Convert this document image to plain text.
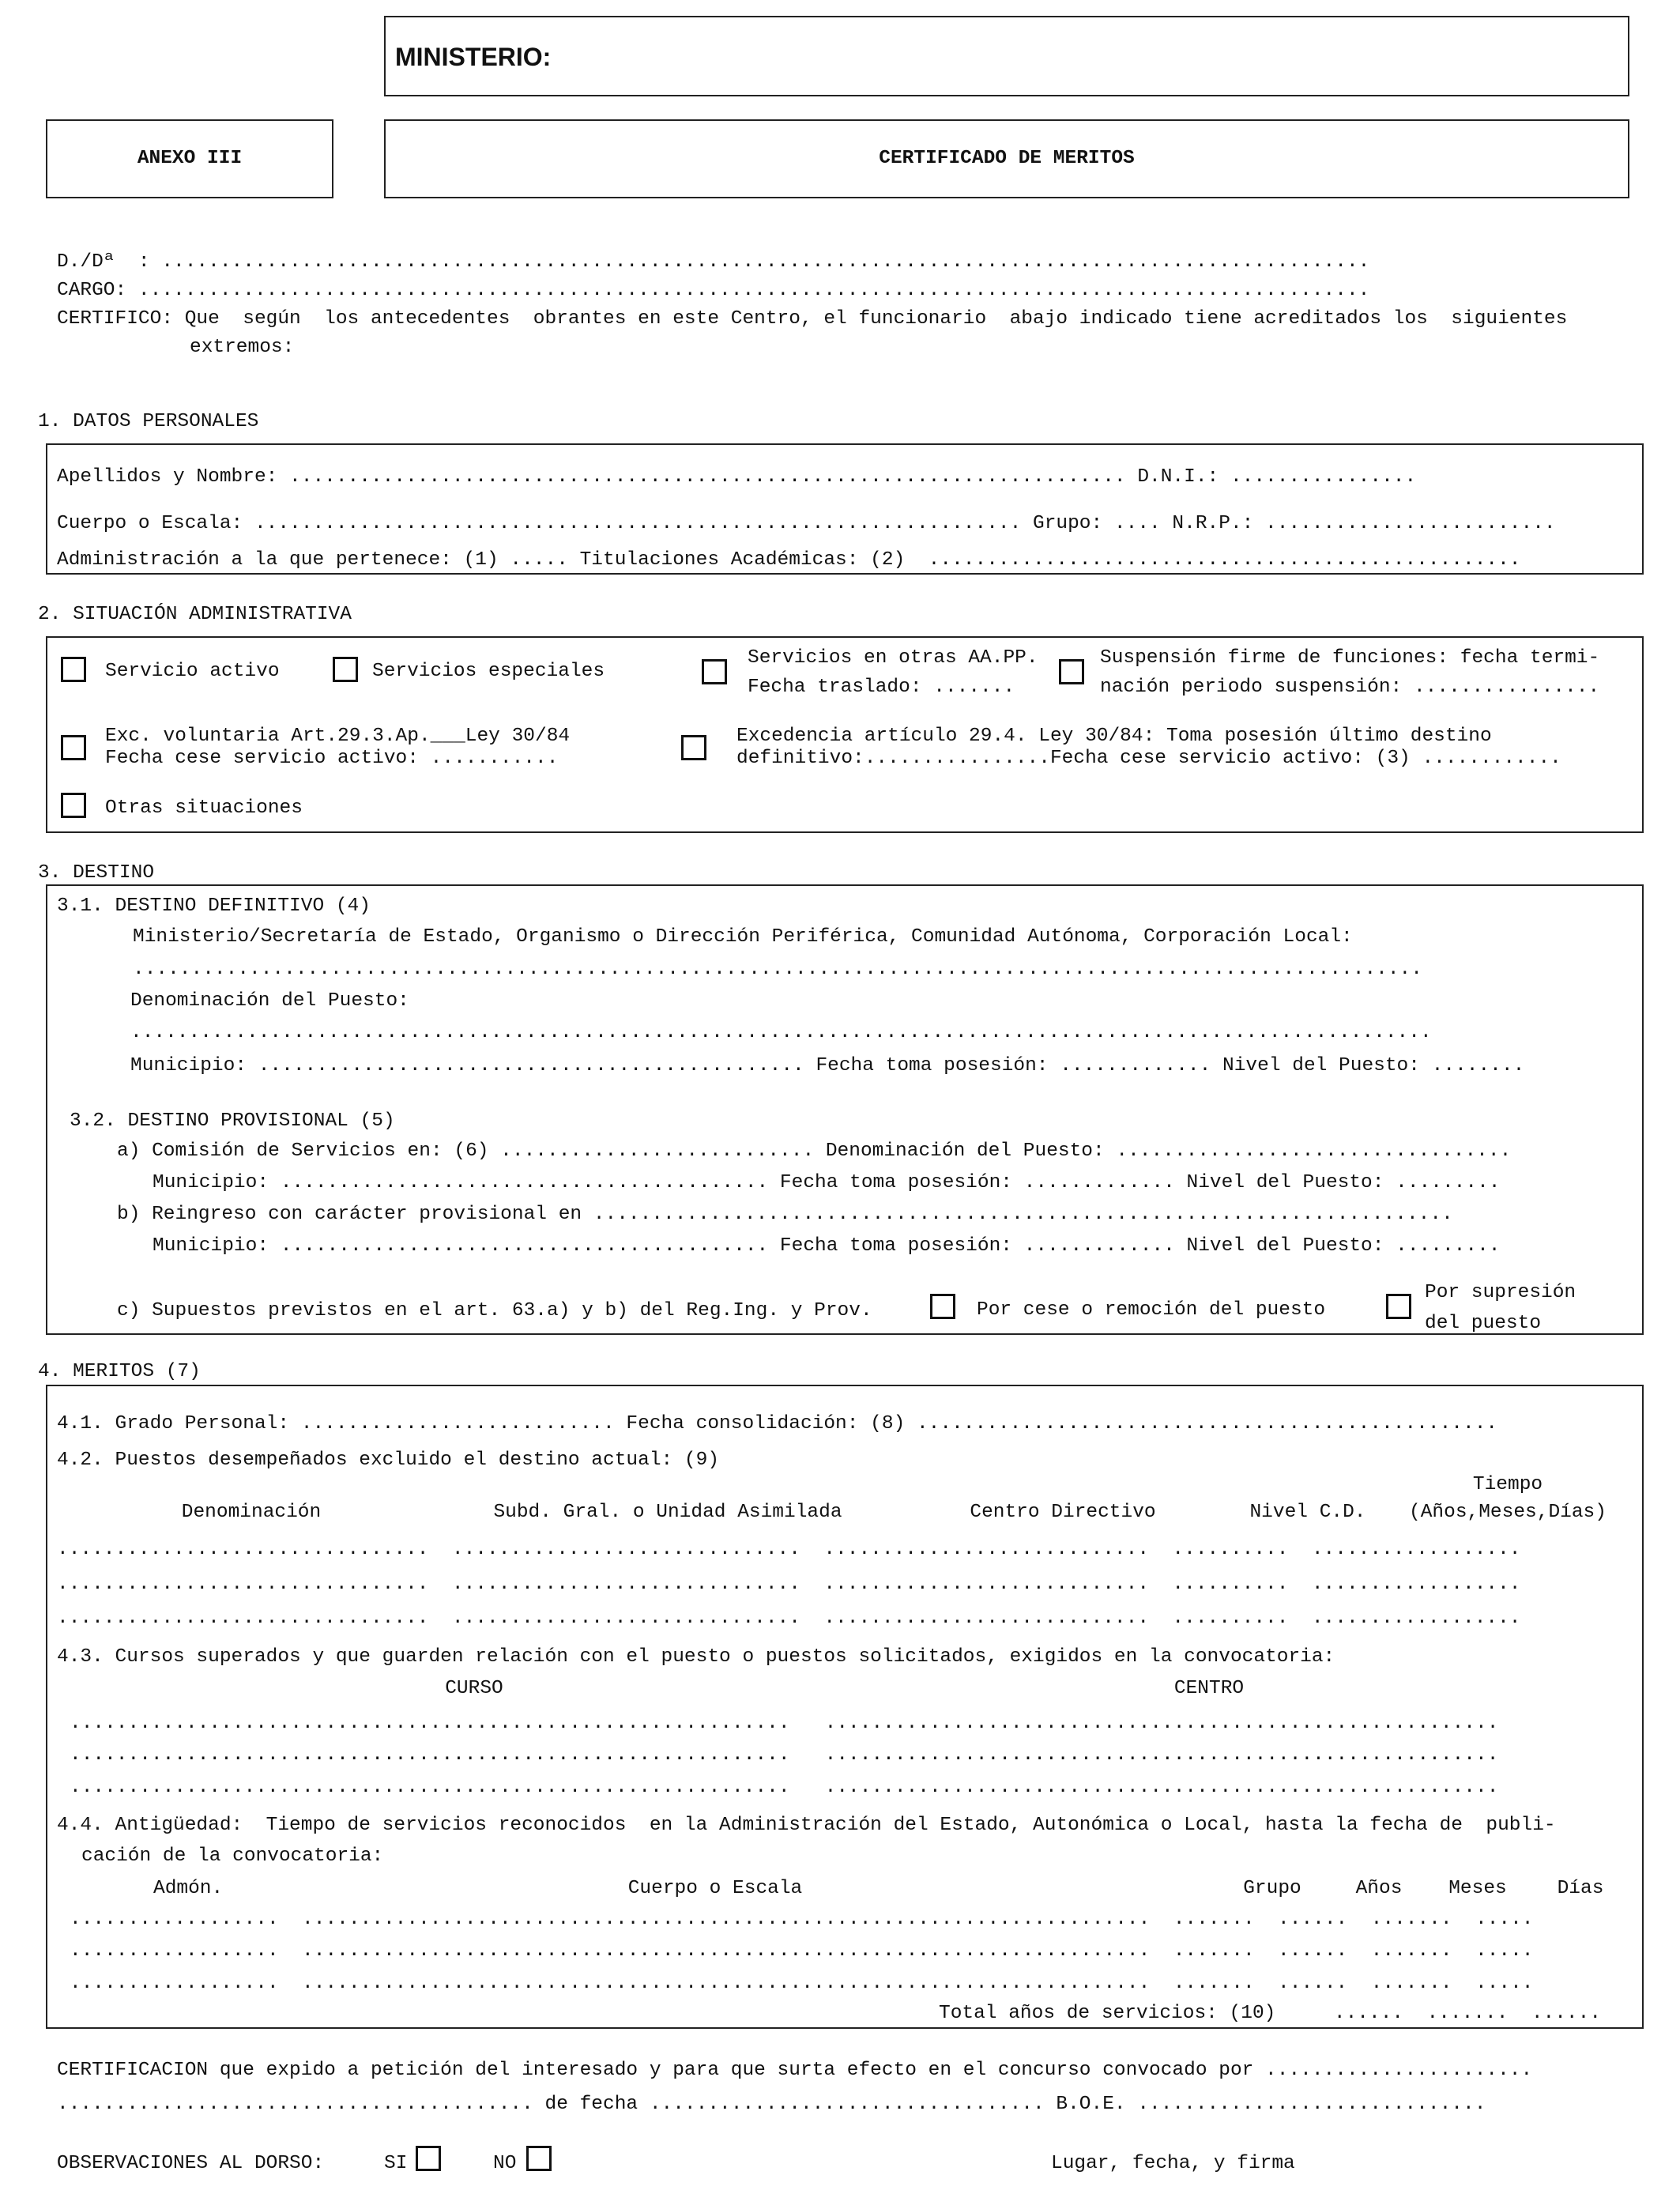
MINISTERIO:
ANEXO III	CERTIFICADO DE MERITOS
D./Dª  : ........................................................................................................
CARGO: ..........................................................................................................
CERTIFICO: Que  según  los antecedentes  obrantes en este Centro, el funcionario  abajo indicado tiene acreditados los  siguientes
extremos:
1. DATOS PERSONALES
Apellidos y Nombre: ........................................................................ D.N.I.: ................
Cuerpo o Escala: .................................................................. Grupo: .... N.R.P.: .........................
Administración a la que pertenece: (1) ..... Titulaciones Académicas: (2)  ...................................................
2. SITUACIÓN ADMINISTRATIVA
Servicio activo	Servicios especiales
Servicios en otras AA.PP.
Fecha traslado: .......
Suspensión firme de funciones: fecha termi-
nación periodo suspensión: ................
Exc. voluntaria Art.29.3.Ap.___Ley 30/84
Fecha cese servicio activo: ...........
Excedencia artículo 29.4. Ley 30/84: Toma posesión último destino
definitivo:................Fecha cese servicio activo: (3) ............
Otras situaciones
3. DESTINO
3.1. DESTINO DEFINITIVO (4)
Ministerio/Secretaría de Estado, Organismo o Dirección Periférica, Comunidad Autónoma, Corporación Local:
...............................................................................................................
Denominación del Puesto:
................................................................................................................
Municipio: ............................................... Fecha toma posesión: ............. Nivel del Puesto: ........
3.2. DESTINO PROVISIONAL (5)
a) Comisión de Servicios en: (6) ........................... Denominación del Puesto: ..................................
Municipio: .......................................... Fecha toma posesión: ............. Nivel del Puesto: .........
b) Reingreso con carácter provisional en ..........................................................................
Municipio: .......................................... Fecha toma posesión: ............. Nivel del Puesto: .........
c) Supuestos previstos en el art. 63.a) y b) del Reg.Ing. y Prov.	Por cese o remoción del puesto
Por supresión
del puesto
4. MERITOS (7)
4.1. Grado Personal: ........................... Fecha consolidación: (8) ..................................................
4.2. Puestos desempeñados excluido el destino actual: (9)
Denominación	Subd. Gral. o Unidad Asimilada	Centro Directivo	Nivel C.D.
Tiempo
(Años,Meses,Días)
................................  ..............................  ............................  ..........  ..................
................................  ..............................  ............................  ..........  ..................
................................  ..............................  ............................  ..........  ..................
4.3. Cursos superados y que guarden relación con el puesto o puestos solicitados, exigidos en la convocatoria:
CURSO	CENTRO
..............................................................   ..........................................................
..............................................................   ..........................................................
..............................................................   ..........................................................
4.4. Antigüedad:  Tiempo de servicios reconocidos  en la Administración del Estado, Autonómica o Local, hasta la fecha de  publi-
cación de la convocatoria:
Admón.	Cuerpo o Escala	Grupo	Años	Meses	Días
..................  .........................................................................  .......  ......  .......  .....
..................  .........................................................................  .......  ......  .......  .....
..................  .........................................................................  .......  ......  .......  .....
Total años de servicios: (10)     ......  .......  ......
CERTIFICACION que expido a petición del interesado y para que surta efecto en el concurso convocado por .......................
......................................... de fecha .................................. B.O.E. ..............................
OBSERVACIONES AL DORSO:	SI	NO	Lugar, fecha, y firma
